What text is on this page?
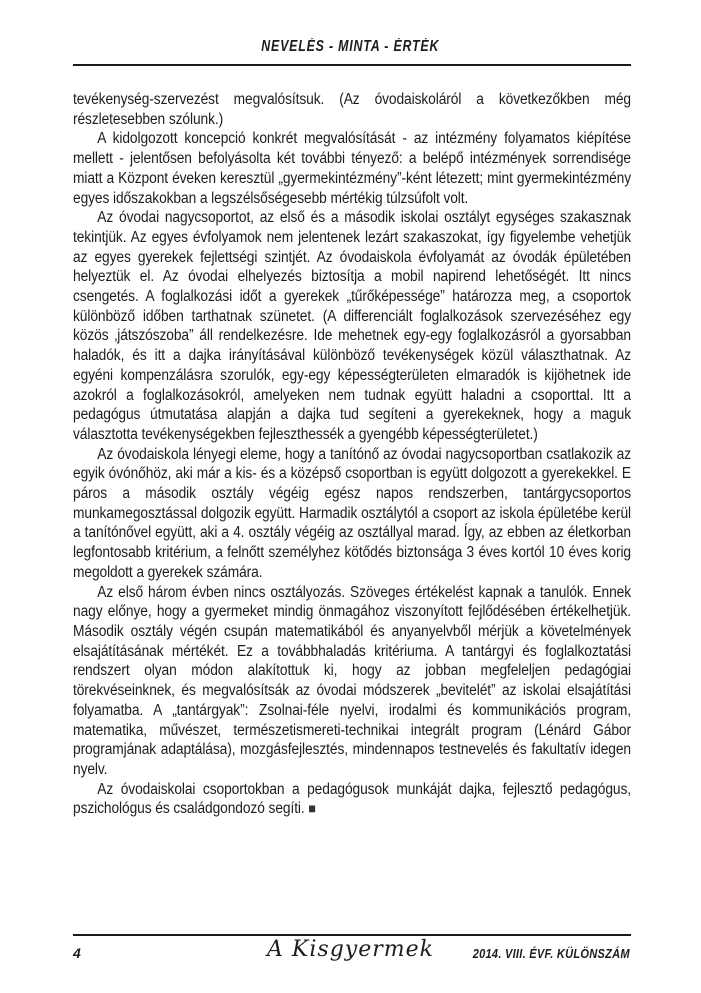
NEVELÉS - MINTA - ÉRTÉK

tevékenység-szervezést megvalósítsuk. (Az óvodaiskoláról a következőkben még részletesebben szólunk.)

A kidolgozott koncepció konkrét megvalósítását - az intézmény folyamatos kiépítése mellett - jelentősen befolyásolta két további tényező: a belépő intézmények sorrendisége miatt a Központ éveken keresztül „gyermekintézmény”-ként létezett; mint gyermekintézmény egyes időszakokban a legszélsőségesebb mértékig túlzsúfolt volt.

Az óvodai nagycsoportot, az első és a második iskolai osztályt egységes szakasznak tekintjük. Az egyes évfolyamok nem jelentenek lezárt szakaszokat, így figyelembe vehetjük az egyes gyerekek fejlettségi szintjét. Az óvodaiskola évfolyamát az óvodák épületében helyeztük el. Az óvodai elhelyezés biztosítja a mobil napirend lehetőségét. Itt nincs csengetés. A foglalkozási időt a gyerekek „tűrőképessége” határozza meg, a csoportok különböző időben tarthatnak szünetet. (A differenciált foglalkozások szervezéséhez egy közös ‚játszószoba” áll rendelkezésre. Ide mehetnek egy-egy foglalkozásról a gyorsabban haladók, és itt a dajka irányításával különböző tevékenységek közül választhatnak. Az egyéni kompenzálásra szorulók, egy-egy képességterületen elmaradók is kijöhetnek ide azokról a foglalkozásokról, amelyeken nem tudnak együtt haladni a csoporttal. Itt a pedagógus útmutatása alapján a dajka tud segíteni a gyerekeknek, hogy a maguk választotta tevékenységekben fejleszthessék a gyengébb képességterületet.)

Az óvodaiskola lényegi eleme, hogy a tanítónő az óvodai nagycsoportban csatlakozik az egyik óvónőhöz, aki már a kis- és a középső csoportban is együtt dolgozott a gyerekekkel. E páros a második osztály végéig egész napos rendszerben, tantárgycsoportos munkamegosztással dolgozik együtt. Harmadik osztálytól a csoport az iskola épületébe kerül a tanítónővel együtt, aki a 4. osztály végéig az osztállyal marad. Így, az ebben az életkorban legfontosabb kritérium, a felnőtt személyhez kötődés biztonsága 3 éves kortól 10 éves korig megoldott a gyerekek számára.

Az első három évben nincs osztályozás. Szöveges értékelést kapnak a tanulók. Ennek nagy előnye, hogy a gyermeket mindig önmagához viszonyított fejlődésében értékelhetjük. Második osztály végén csupán matematikából és anyanyelvből mérjük a követelmények elsajátításának mértékét. Ez a továbbhaladás kritériuma. A tantárgyi és foglalkoztatási rendszert olyan módon alakítottuk ki, hogy az jobban megfeleljen pedagógiai törekvéseinknek, és megvalósítsák az óvodai módszerek „bevitelét” az iskolai elsajátítási folyamatba. A „tantárgyak”: Zsolnai-féle nyelvi, irodalmi és kommunikációs program, matematika, művészet, természetismereti-technikai integrált program (Lénárd Gábor programjának adaptálása), mozgásfejlesztés, mindennapos testnevelés és fakultatív idegen nyelv.

Az óvodaiskolai csoportokban a pedagógusok munkáját dajka, fejlesztő pedagógus, pszichológus és családgondozó segíti. ■

4	A Kisgyermek	2014. VIII. ÉVF. KÜLÖNSZÁM
